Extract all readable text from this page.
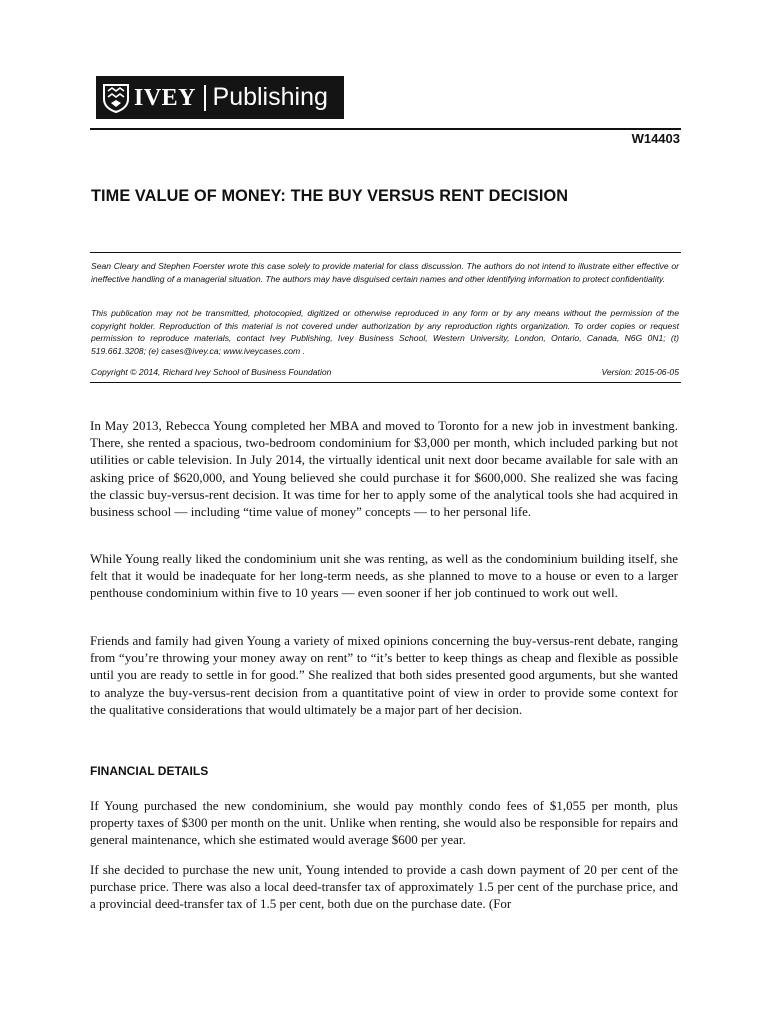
IVEY Publishing
W14403
TIME VALUE OF MONEY: THE BUY VERSUS RENT DECISION
Sean Cleary and Stephen Foerster wrote this case solely to provide material for class discussion. The authors do not intend to illustrate either effective or ineffective handling of a managerial situation. The authors may have disguised certain names and other identifying information to protect confidentiality.
This publication may not be transmitted, photocopied, digitized or otherwise reproduced in any form or by any means without the permission of the copyright holder. Reproduction of this material is not covered under authorization by any reproduction rights organization. To order copies or request permission to reproduce materials, contact Ivey Publishing, Ivey Business School, Western University, London, Ontario, Canada, N6G 0N1; (t) 519.661.3208; (e) cases@ivey.ca; www.iveycases.com .
Copyright © 2014, Richard Ivey School of Business Foundation	Version: 2015-06-05

In May 2013, Rebecca Young completed her MBA and moved to Toronto for a new job in investment banking. There, she rented a spacious, two-bedroom condominium for $3,000 per month, which included parking but not utilities or cable television. In July 2014, the virtually identical unit next door became available for sale with an asking price of $620,000, and Young believed she could purchase it for $600,000. She realized she was facing the classic buy-versus-rent decision. It was time for her to apply some of the analytical tools she had acquired in business school — including “time value of money” concepts — to her personal life.

While Young really liked the condominium unit she was renting, as well as the condominium building itself, she felt that it would be inadequate for her long-term needs, as she planned to move to a house or even to a larger penthouse condominium within five to 10 years — even sooner if her job continued to work out well.

Friends and family had given Young a variety of mixed opinions concerning the buy-versus-rent debate, ranging from “you’re throwing your money away on rent” to “it’s better to keep things as cheap and flexible as possible until you are ready to settle in for good.” She realized that both sides presented good arguments, but she wanted to analyze the buy-versus-rent decision from a quantitative point of view in order to provide some context for the qualitative considerations that would ultimately be a major part of her decision.

FINANCIAL DETAILS

If Young purchased the new condominium, she would pay monthly condo fees of $1,055 per month, plus property taxes of $300 per month on the unit. Unlike when renting, she would also be responsible for repairs and general maintenance, which she estimated would average $600 per year.

If she decided to purchase the new unit, Young intended to provide a cash down payment of 20 per cent of the purchase price. There was also a local deed-transfer tax of approximately 1.5 per cent of the purchase price, and a provincial deed-transfer tax of 1.5 per cent, both due on the purchase date. (For
